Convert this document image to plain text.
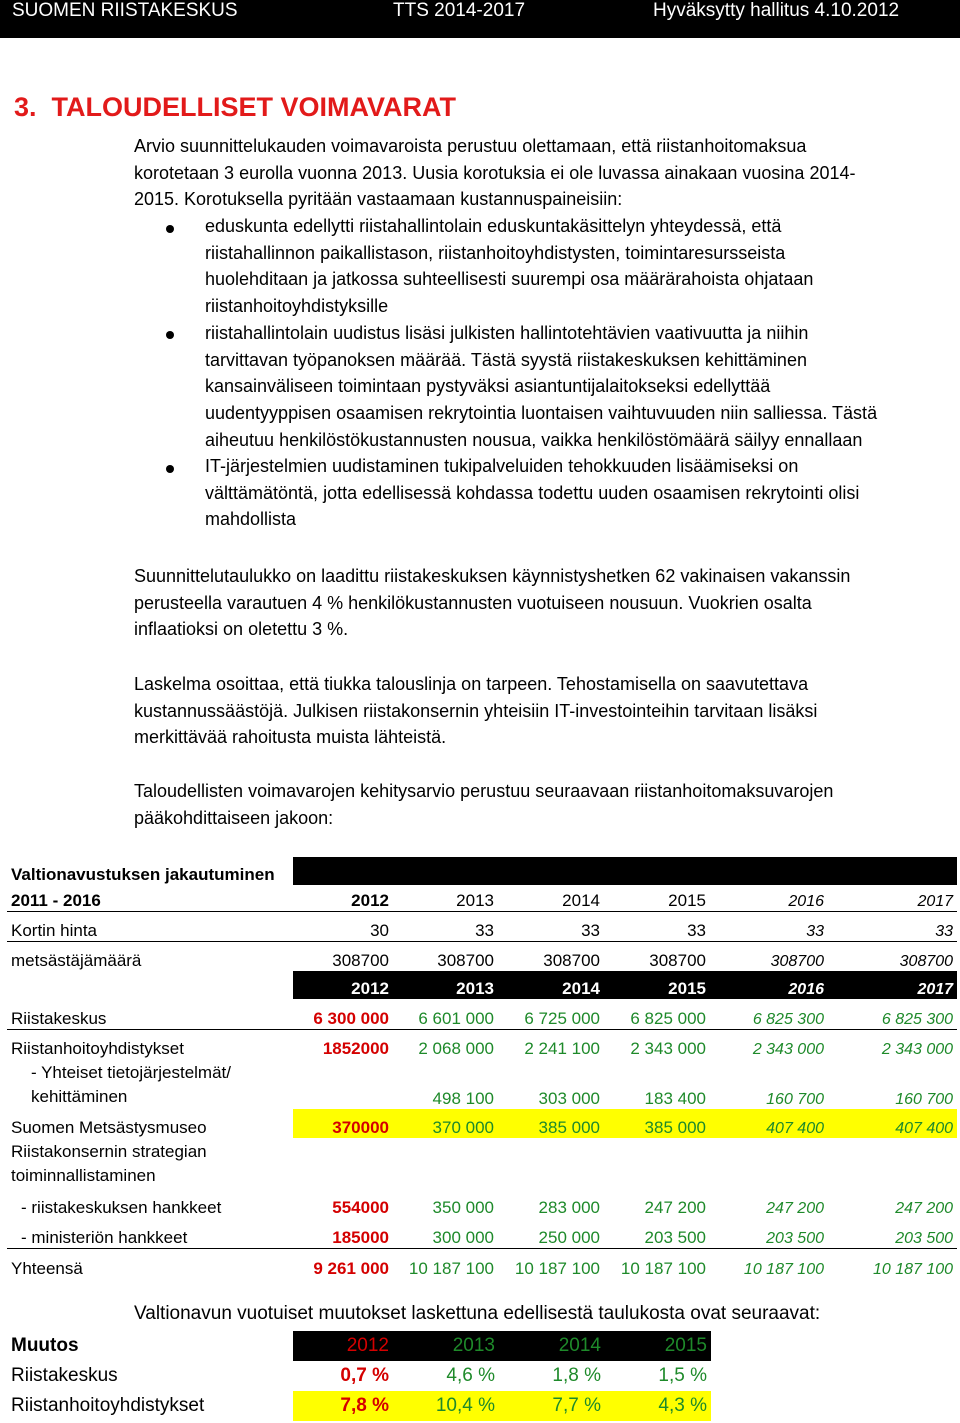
SUOMEN RIISTAKESKUS	TTS 2014-2017	Hyväksytty hallitus 4.10.2012
3. TALOUDELLISET VOIMAVARAT

Arvio suunnittelukauden voimavaroista perustuu olettamaan, että riistanhoitomaksua
korotetaan 3 eurolla vuonna 2013. Uusia korotuksia ei ole luvassa ainakaan vuosina 2014-
2015. Korotuksella pyritään vastaamaan kustannuspaineisiin:

eduskunta edellytti riistahallintolain eduskuntakäsittelyn yhteydessä, että
riistahallinnon paikallistason, riistanhoitoyhdistysten, toimintaresursseista
huolehditaan ja jatkossa suhteellisesti suurempi osa määrärahoista ohjataan
riistanhoitoyhdistyksille

riistahallintolain uudistus lisäsi julkisten hallintotehtävien vaativuutta ja niihin
tarvittavan työpanoksen määrää. Tästä syystä riistakeskuksen kehittäminen
kansainväliseen toimintaan pystyväksi asiantuntijalaitokseksi edellyttää
uudentyyppisen osaamisen rekrytointia luontaisen vaihtuvuuden niin salliessa. Tästä
aiheutuu henkilöstökustannusten nousua, vaikka henkilöstömäärä säilyy ennallaan

IT-järjestelmien uudistaminen tukipalveluiden tehokkuuden lisäämiseksi on
välttämätöntä, jotta edellisessä kohdassa todettu uuden osaamisen rekrytointi olisi
mahdollista

Suunnittelutaulukko on laadittu riistakeskuksen käynnistyshetken 62 vakinaisen vakanssin
perusteella varautuen 4 % henkilökustannusten vuotuiseen nousuun. Vuokrien osalta
inflaatioksi on oletettu 3 %.

Laskelma osoittaa, että tiukka talouslinja on tarpeen. Tehostamisella on saavutettava
kustannussäästöjä. Julkisen riistakonsernin yhteisiin IT-investointeihin tarvitaan lisäksi
merkittävää rahoitusta muista lähteistä.

Taloudellisten voimavarojen kehitysarvio perustuu seuraavaan riistanhoitomaksuvarojen
pääkohdittaiseen jakoon:

Valtionavustuksen jakautuminen						
2011 - 2016	2012	2013	2014	2015	2016	2017
Kortin hinta	30	33	33	33	33	33
metsästäjämäärä	308700	308700	308700	308700	308700	308700
	2012	2013	2014	2015	2016	2017
Riistakeskus	6 300 000	6 601 000	6 725 000	6 825 000	6 825 300	6 825 300
Riistanhoitoyhdistykset	1852000	2 068 000	2 241 100	2 343 000	2 343 000	2 343 000
- Yhteiset tietojärjestelmät/ kehittäminen		498 100	303 000	183 400	160 700	160 700
Suomen Metsästysmuseo	370000	370 000	385 000	385 000	407 400	407 400
Riistakonsernin strategian toiminnallistaminen						
- riistakeskuksen hankkeet	554000	350 000	283 000	247 200	247 200	247 200
- ministeriön hankkeet	185000	300 000	250 000	203 500	203 500	203 500
Yhteensä	9 261 000	10 187 100	10 187 100	10 187 100	10 187 100	10 187 100

Valtionavun vuotuiset muutokset laskettuna edellisestä taulukosta ovat seuraavat:

Muutos	2012	2013	2014	2015
Riistakeskus	0,7 %	4,6 %	1,8 %	1,5 %
Riistanhoitoyhdistykset	7,8 %	10,4 %	7,7 %	4,3 %
